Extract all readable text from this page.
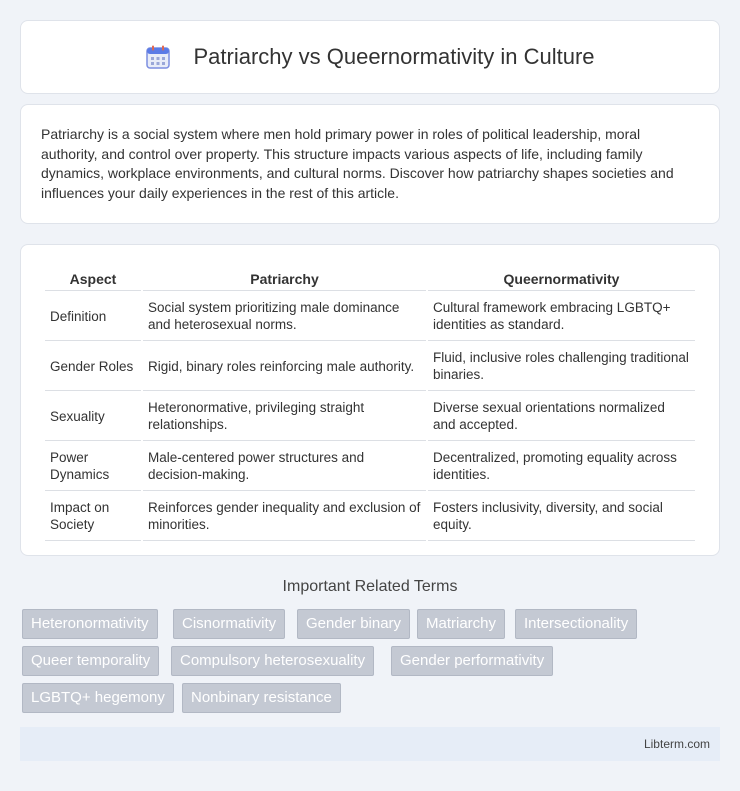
Patriarchy vs Queernormativity in Culture

Patriarchy is a social system where men hold primary power in roles of political leadership, moral authority, and control over property. This structure impacts various aspects of life, including family dynamics, workplace environments, and cultural norms. Discover how patriarchy shapes societies and influences your daily experiences in the rest of this article.

Aspect	Patriarchy	Queernormativity
Definition	Social system prioritizing male dominance and heterosexual norms.	Cultural framework embracing LGBTQ+ identities as standard.
Gender Roles	Rigid, binary roles reinforcing male authority.	Fluid, inclusive roles challenging traditional binaries.
Sexuality	Heteronormative, privileging straight relationships.	Diverse sexual orientations normalized and accepted.
Power Dynamics	Male-centered power structures and decision-making.	Decentralized, promoting equality across identities.
Impact on Society	Reinforces gender inequality and exclusion of minorities.	Fosters inclusivity, diversity, and social equity.
Important Related Terms
Heteronormativity	Cisnormativity	Gender binary	Matriarchy	Intersectionality
Queer temporality	Compulsory heterosexuality	Gender performativity
LGBTQ+ hegemony	Nonbinary resistance
Libterm.com
